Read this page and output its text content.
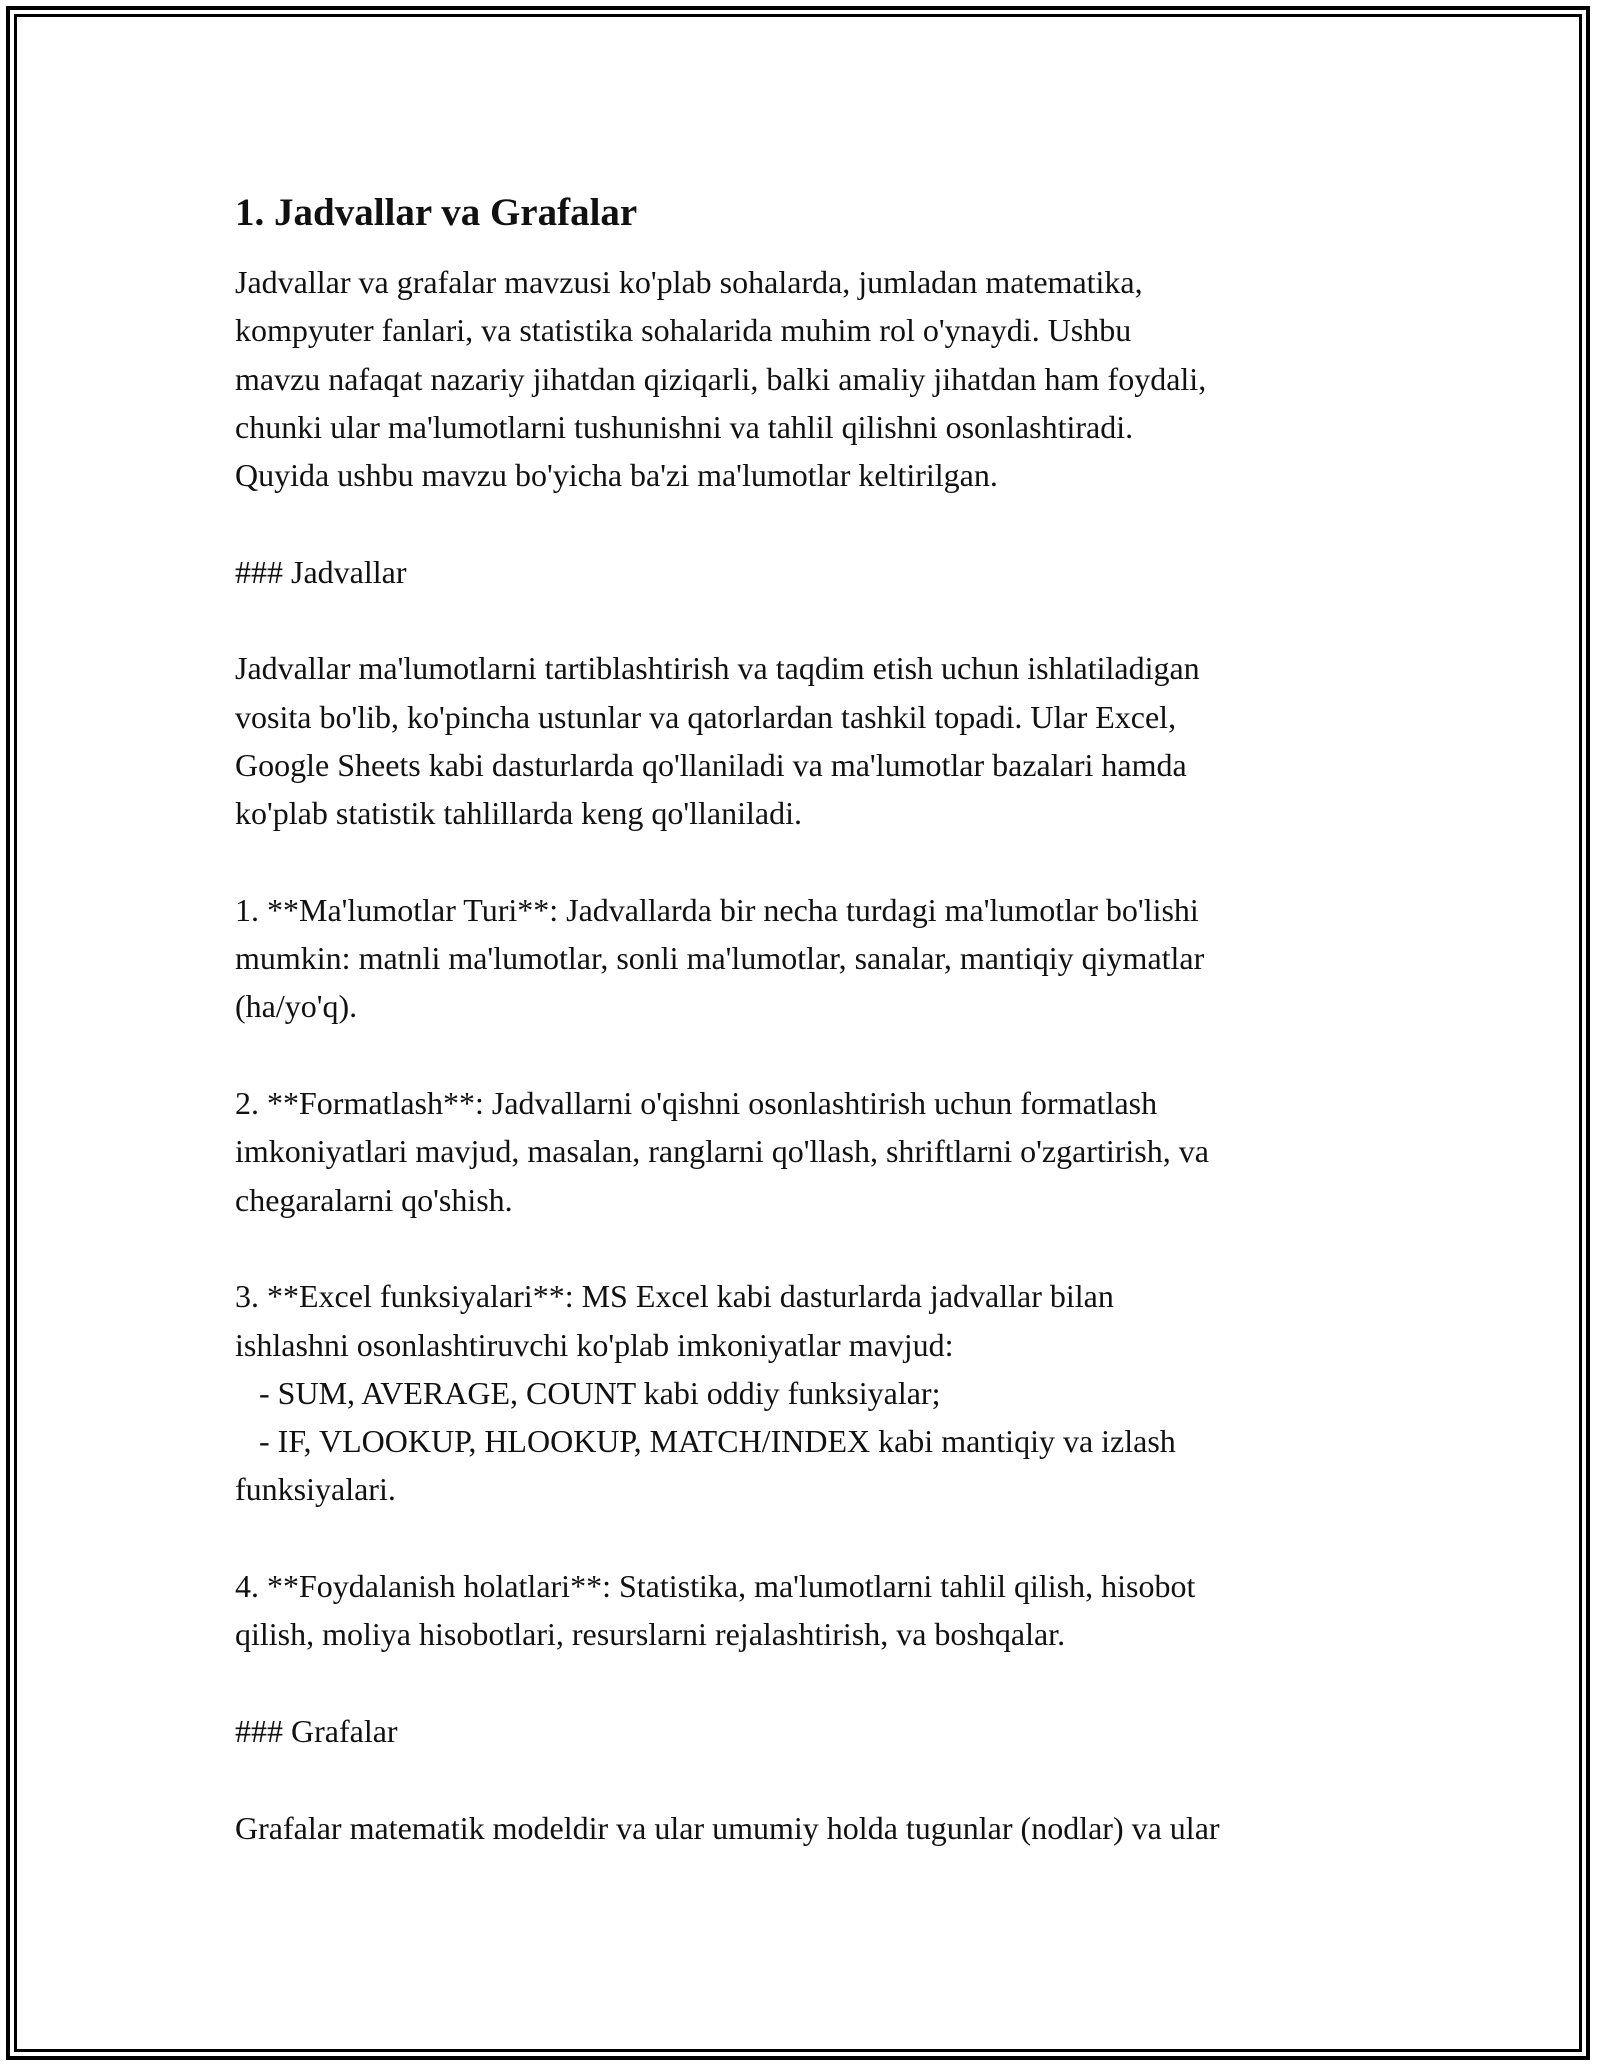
1. Jadvallar va Grafalar

Jadvallar va grafalar mavzusi ko'plab sohalarda, jumladan matematika,
kompyuter fanlari, va statistika sohalarida muhim rol o'ynaydi. Ushbu
mavzu nafaqat nazariy jihatdan qiziqarli, balki amaliy jihatdan ham foydali,
chunki ular ma'lumotlarni tushunishni va tahlil qilishni osonlashtiradi.
Quyida ushbu mavzu bo'yicha ba'zi ma'lumotlar keltirilgan.

### Jadvallar

Jadvallar ma'lumotlarni tartiblashtirish va taqdim etish uchun ishlatiladigan
vosita bo'lib, ko'pincha ustunlar va qatorlardan tashkil topadi. Ular Excel,
Google Sheets kabi dasturlarda qo'llaniladi va ma'lumotlar bazalari hamda
ko'plab statistik tahlillarda keng qo'llaniladi.

1. **Ma'lumotlar Turi**: Jadvallarda bir necha turdagi ma'lumotlar bo'lishi
mumkin: matnli ma'lumotlar, sonli ma'lumotlar, sanalar, mantiqiy qiymatlar
(ha/yo'q).

2. **Formatlash**: Jadvallarni o'qishni osonlashtirish uchun formatlash
imkoniyatlari mavjud, masalan, ranglarni qo'llash, shriftlarni o'zgartirish, va
chegaralarni qo'shish.

3. **Excel funksiyalari**: MS Excel kabi dasturlarda jadvallar bilan
ishlashni osonlashtiruvchi ko'plab imkoniyatlar mavjud:
- SUM, AVERAGE, COUNT kabi oddiy funksiyalar;
- IF, VLOOKUP, HLOOKUP, MATCH/INDEX kabi mantiqiy va izlash
funksiyalari.

4. **Foydalanish holatlari**: Statistika, ma'lumotlarni tahlil qilish, hisobot
qilish, moliya hisobotlari, resurslarni rejalashtirish, va boshqalar.

### Grafalar

Grafalar matematik modeldir va ular umumiy holda tugunlar (nodlar) va ular
